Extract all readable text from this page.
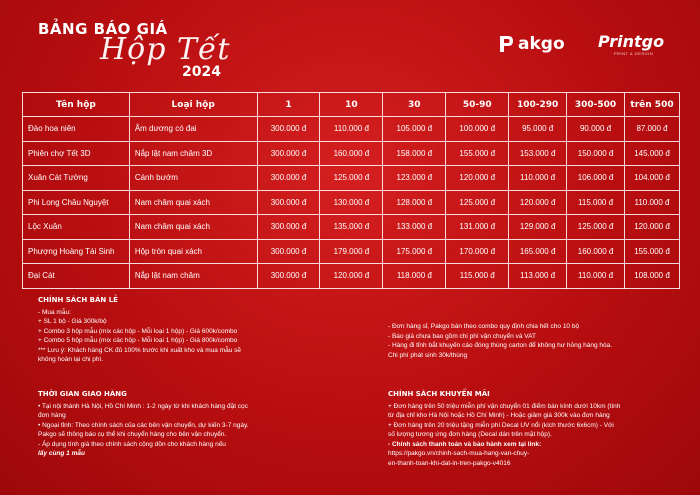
BẢNG BÁO GIÁ
Hộp Tết
2024
akgo Printgo
PRINT & DESIGN
Tên hộp	Loại hộp	1	10	30	50-90	100-290	300-500	trên 500
Đào hoa niên	Âm dương có đai	300.000 đ	110.000 đ	105.000 đ	100.000 đ	95.000 đ	90.000 đ	87.000 đ
Phiên chợ Tết 3D	Nắp lật nam châm 3D	300.000 đ	160.000 đ	158.000 đ	155.000 đ	153.000 đ	150.000 đ	145.000 đ
Xuân Cát Tường	Cánh bướm	300.000 đ	125.000 đ	123.000 đ	120.000 đ	110.000 đ	106.000 đ	104.000 đ
Phi Long Châu Nguyệt	Nam châm quai xách	300.000 đ	130.000 đ	128.000 đ	125.000 đ	120.000 đ	115.000 đ	110.000 đ
Lộc Xuân	Nam châm quai xách	300.000 đ	135.000 đ	133.000 đ	131.000 đ	129.000 đ	125.000 đ	120.000 đ
Phượng Hoàng Tái Sinh	Hộp tròn quai xách	300.000 đ	179.000 đ	175.000 đ	170.000 đ	165.000 đ	160.000 đ	155.000 đ
Đại Cát	Nắp lật nam châm	300.000 đ	120.000 đ	118.000 đ	115.000 đ	113.000 đ	110.000 đ	108.000 đ
CHÍNH SÁCH BÁN LẺ
- Mua mẫu:
+ SL 1 bộ - Giá 300k/bộ
+ Combo 3 hộp mẫu (mix các hộp - Mỗi loại 1 hộp) - Giá 600k/combo
+ Combo 5 hộp mẫu (mix các hộp - Mỗi loại 1 hộp) - Giá 800k/combo
*** Lưu ý: Khách hàng CK đủ 100% trước khi xuất kho và mua mẫu sẽ
không hoàn lại chi phí.
- Đơn hàng sỉ, Pakgo bán theo combo quy định chia hết cho 10 bộ
- Báo giá chưa bao gồm chi phí vận chuyển và VAT
- Hàng đi tỉnh bắt khuyến cáo đóng thùng carton để không hư hỏng hàng hóa.
Chi phí phát sinh 30k/thùng
THỜI GIAN GIAO HÀNG
• Tại nội thành Hà Nội, Hồ Chí Minh : 1-2 ngày từ khi khách hàng đặt cọc
đơn hàng
• Ngoại tỉnh: Theo chính sách của các bên vận chuyển, dự kiến 3-7 ngày.
Pakgo sẽ thông báo cụ thể khi chuyển hàng cho bên vận chuyển.
- Áp dụng tính giá theo chính sách cộng dồn cho khách hàng nếu
lấy cùng 1 mẫu
CHÍNH SÁCH KHUYẾN MÃI
+ Đơn hàng trên 50 triệu miễn phí vận chuyển 01 điểm bán kính dưới 10km (tính
từ địa chỉ kho Hà Nội hoặc Hồ Chí Minh) - Hoặc giảm giá 300k vào đơn hàng
+ Đơn hàng trên 20 triệu tặng miễn phí Decal UV nổi (kích thước 6x6cm) - Với
số lượng tương ứng đơn hàng (Decal dán trên mặt hộp).
- Chính sách thanh toán và bảo hành xem tại link:
https://pakgo.vn/chinh-sach-mua-hang-van-chuy-
en-thanh-toan-khi-dat-in-tren-pakgo-v4016
